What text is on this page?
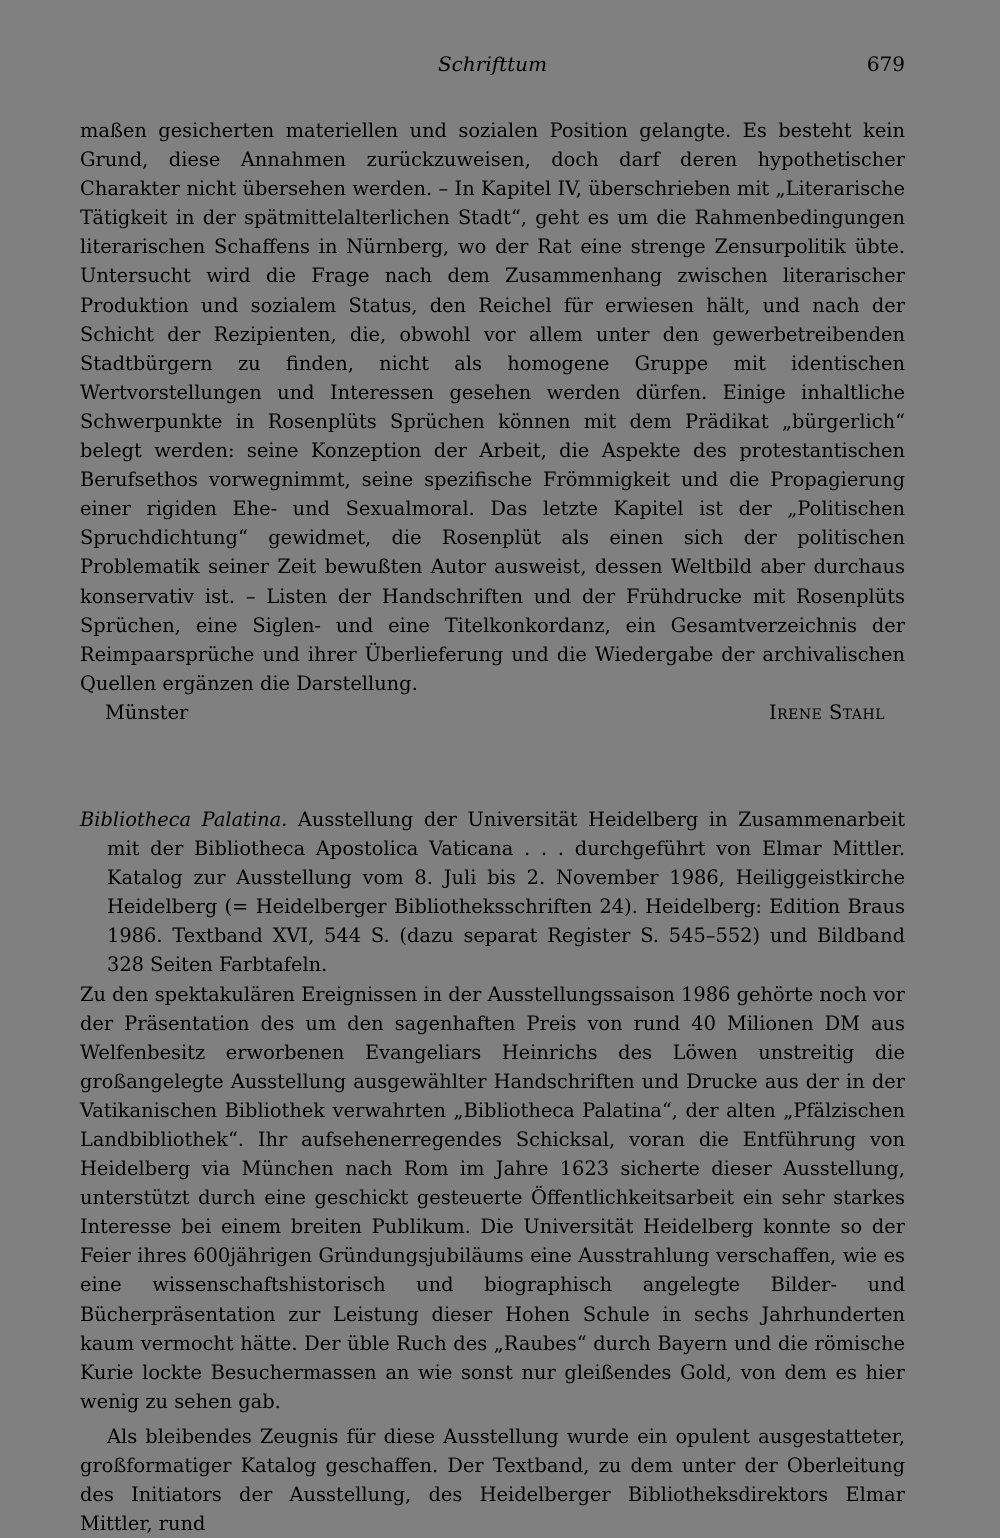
Schrifttum	679

maßen gesicherten materiellen und sozialen Position gelangte. Es besteht kein Grund, diese Annahmen zurückzuweisen, doch darf deren hypothetischer Charakter nicht übersehen werden. – In Kapitel IV, überschrieben mit „Literarische Tätigkeit in der spätmittelalterlichen Stadt“, geht es um die Rahmenbedingungen literarischen Schaffens in Nürnberg, wo der Rat eine strenge Zensurpolitik übte. Untersucht wird die Frage nach dem Zusammenhang zwischen literarischer Produktion und sozialem Status, den Reichel für erwiesen hält, und nach der Schicht der Rezipienten, die, obwohl vor allem unter den gewerbetreibenden Stadtbürgern zu finden, nicht als homogene Gruppe mit identischen Wertvorstellungen und Interessen gesehen werden dürfen. Einige inhaltliche Schwerpunkte in Rosenplüts Sprüchen können mit dem Prädikat „bürgerlich“ belegt werden: seine Konzeption der Arbeit, die Aspekte des protestantischen Berufsethos vorwegnimmt, seine spezifische Frömmigkeit und die Propagierung einer rigiden Ehe- und Sexualmoral. Das letzte Kapitel ist der „Politischen Spruchdichtung“ gewidmet, die Rosenplüt als einen sich der politischen Problematik seiner Zeit bewußten Autor ausweist, dessen Weltbild aber durchaus konservativ ist. – Listen der Handschriften und der Frühdrucke mit Rosenplüts Sprüchen, eine Siglen- und eine Titelkonkordanz, ein Gesamtverzeichnis der Reimpaarsprüche und ihrer Überlieferung und die Wiedergabe der archivalischen Quellen ergänzen die Darstellung.

Münster	Irene Stahl

Bibliotheca Palatina. Ausstellung der Universität Heidelberg in Zusammenarbeit mit der Bibliotheca Apostolica Vaticana . . . durchgeführt von Elmar Mittler. Katalog zur Ausstellung vom 8. Juli bis 2. November 1986, Heiliggeistkirche Heidelberg (= Heidelberger Bibliotheksschriften 24). Heidelberg: Edition Braus 1986. Textband XVI, 544 S. (dazu separat Register S. 545–552) und Bildband 328 Seiten Farbtafeln.

Zu den spektakulären Ereignissen in der Ausstellungssaison 1986 gehörte noch vor der Präsentation des um den sagenhaften Preis von rund 40 Milionen DM aus Welfenbesitz erworbenen Evangeliars Heinrichs des Löwen unstreitig die großangelegte Ausstellung ausgewählter Handschriften und Drucke aus der in der Vatikanischen Bibliothek verwahrten „Bibliotheca Palatina“, der alten „Pfälzischen Landbibliothek“. Ihr aufsehenerregendes Schicksal, voran die Entführung von Heidelberg via München nach Rom im Jahre 1623 sicherte dieser Ausstellung, unterstützt durch eine geschickt gesteuerte Öffentlichkeitsarbeit ein sehr starkes Interesse bei einem breiten Publikum. Die Universität Heidelberg konnte so der Feier ihres 600jährigen Gründungsjubiläums eine Ausstrahlung verschaffen, wie es eine wissenschaftshistorisch und biographisch angelegte Bilder- und Bücherpräsentation zur Leistung dieser Hohen Schule in sechs Jahrhunderten kaum vermocht hätte. Der üble Ruch des „Raubes“ durch Bayern und die römische Kurie lockte Besuchermassen an wie sonst nur gleißendes Gold, von dem es hier wenig zu sehen gab.

Als bleibendes Zeugnis für diese Ausstellung wurde ein opulent ausgestatteter, großformatiger Katalog geschaffen. Der Textband, zu dem unter der Oberleitung des Initiators der Ausstellung, des Heidelberger Bibliotheksdirektors Elmar Mittler, rund
